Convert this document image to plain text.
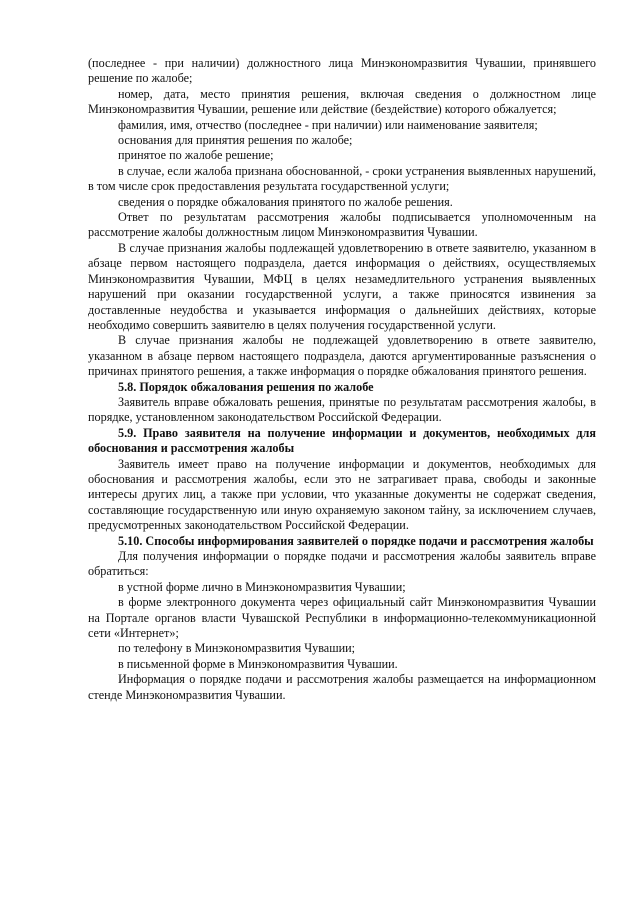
(последнее - при наличии) должностного лица Минэкономразвития Чувашии, принявшего решение по жалобе;

номер, дата, место принятия решения, включая сведения о должностном лице Минэкономразвития Чувашии, решение или действие (бездействие) которого обжалуется;

фамилия, имя, отчество (последнее - при наличии) или наименование заявителя;

основания для принятия решения по жалобе;

принятое по жалобе решение;

в случае, если жалоба признана обоснованной, - сроки устранения выявленных нарушений, в том числе срок предоставления результата государственной услуги;

сведения о порядке обжалования принятого по жалобе решения.

Ответ по результатам рассмотрения жалобы подписывается уполномоченным на рассмотрение жалобы должностным лицом Минэкономразвития Чувашии.

В случае признания жалобы подлежащей удовлетворению в ответе заявителю, указанном в абзаце первом настоящего подраздела, дается информация о действиях, осуществляемых Минэкономразвития Чувашии, МФЦ в целях незамедлительного устранения выявленных нарушений при оказании государственной услуги, а также приносятся извинения за доставленные неудобства и указывается информация о дальнейших действиях, которые необходимо совершить заявителю в целях получения государственной услуги.

В случае признания жалобы не подлежащей удовлетворению в ответе заявителю, указанном в абзаце первом настоящего подраздела, даются аргументированные разъяснения о причинах принятого решения, а также информация о порядке обжалования принятого решения.

5.8. Порядок обжалования решения по жалобе

Заявитель вправе обжаловать решения, принятые по результатам рассмотрения жалобы, в порядке, установленном законодательством Российской Федерации.

5.9. Право заявителя на получение информации и документов, необходимых для обоснования и рассмотрения жалобы

Заявитель имеет право на получение информации и документов, необходимых для обоснования и рассмотрения жалобы, если это не затрагивает права, свободы и законные интересы других лиц, а также при условии, что указанные документы не содержат сведения, составляющие государственную или иную охраняемую законом тайну, за исключением случаев, предусмотренных законодательством Российской Федерации.

5.10. Способы информирования заявителей о порядке подачи и рассмотрения жалобы

Для получения информации о порядке подачи и рассмотрения жалобы заявитель вправе обратиться:

в устной форме лично в Минэкономразвития Чувашии;

в форме электронного документа через официальный сайт Минэкономразвития Чувашии на Портале органов власти Чувашской Республики в информационно-телекоммуникационной сети «Интернет»;

по телефону в Минэкономразвития Чувашии;

в письменной форме в Минэкономразвития Чувашии.

Информация о порядке подачи и рассмотрения жалобы размещается на информационном стенде Минэкономразвития Чувашии.
